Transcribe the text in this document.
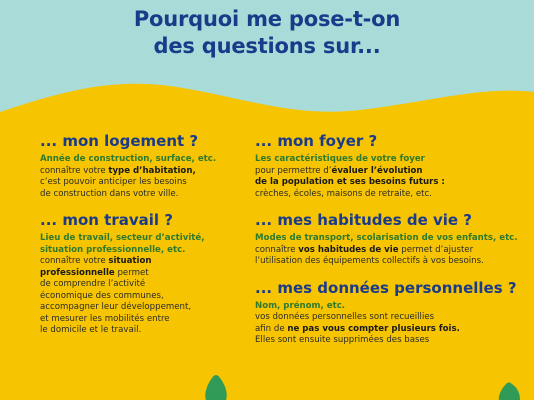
Pourquoi me pose-t-on
des questions sur...
... mon logement ?
Année de construction, surface, etc.
connaître votre type d’habitation,
c’est pouvoir anticiper les besoins
de construction dans votre ville.
... mon travail ?
Lieu de travail, secteur d’activité,
situation professionnelle, etc.
connaître votre situation
professionnelle permet
de comprendre l’activité
économique des communes,
accompagner leur développement,
et mesurer les mobilités entre
le domicile et le travail.
... mon foyer ?
Les caractéristiques de votre foyer
pour permettre d’évaluer l’évolution
de la population et ses besoins futurs :
crèches, écoles, maisons de retraite, etc.
... mes habitudes de vie ?
Modes de transport, scolarisation de vos enfants, etc.
connaître vos habitudes de vie permet d’ajuster
l’utilisation des équipements collectifs à vos besoins.
... mes données personnelles ?
Nom, prénom, etc.
vos données personnelles sont recueillies
afin de ne pas vous compter plusieurs fois.
Elles sont ensuite supprimées des bases
